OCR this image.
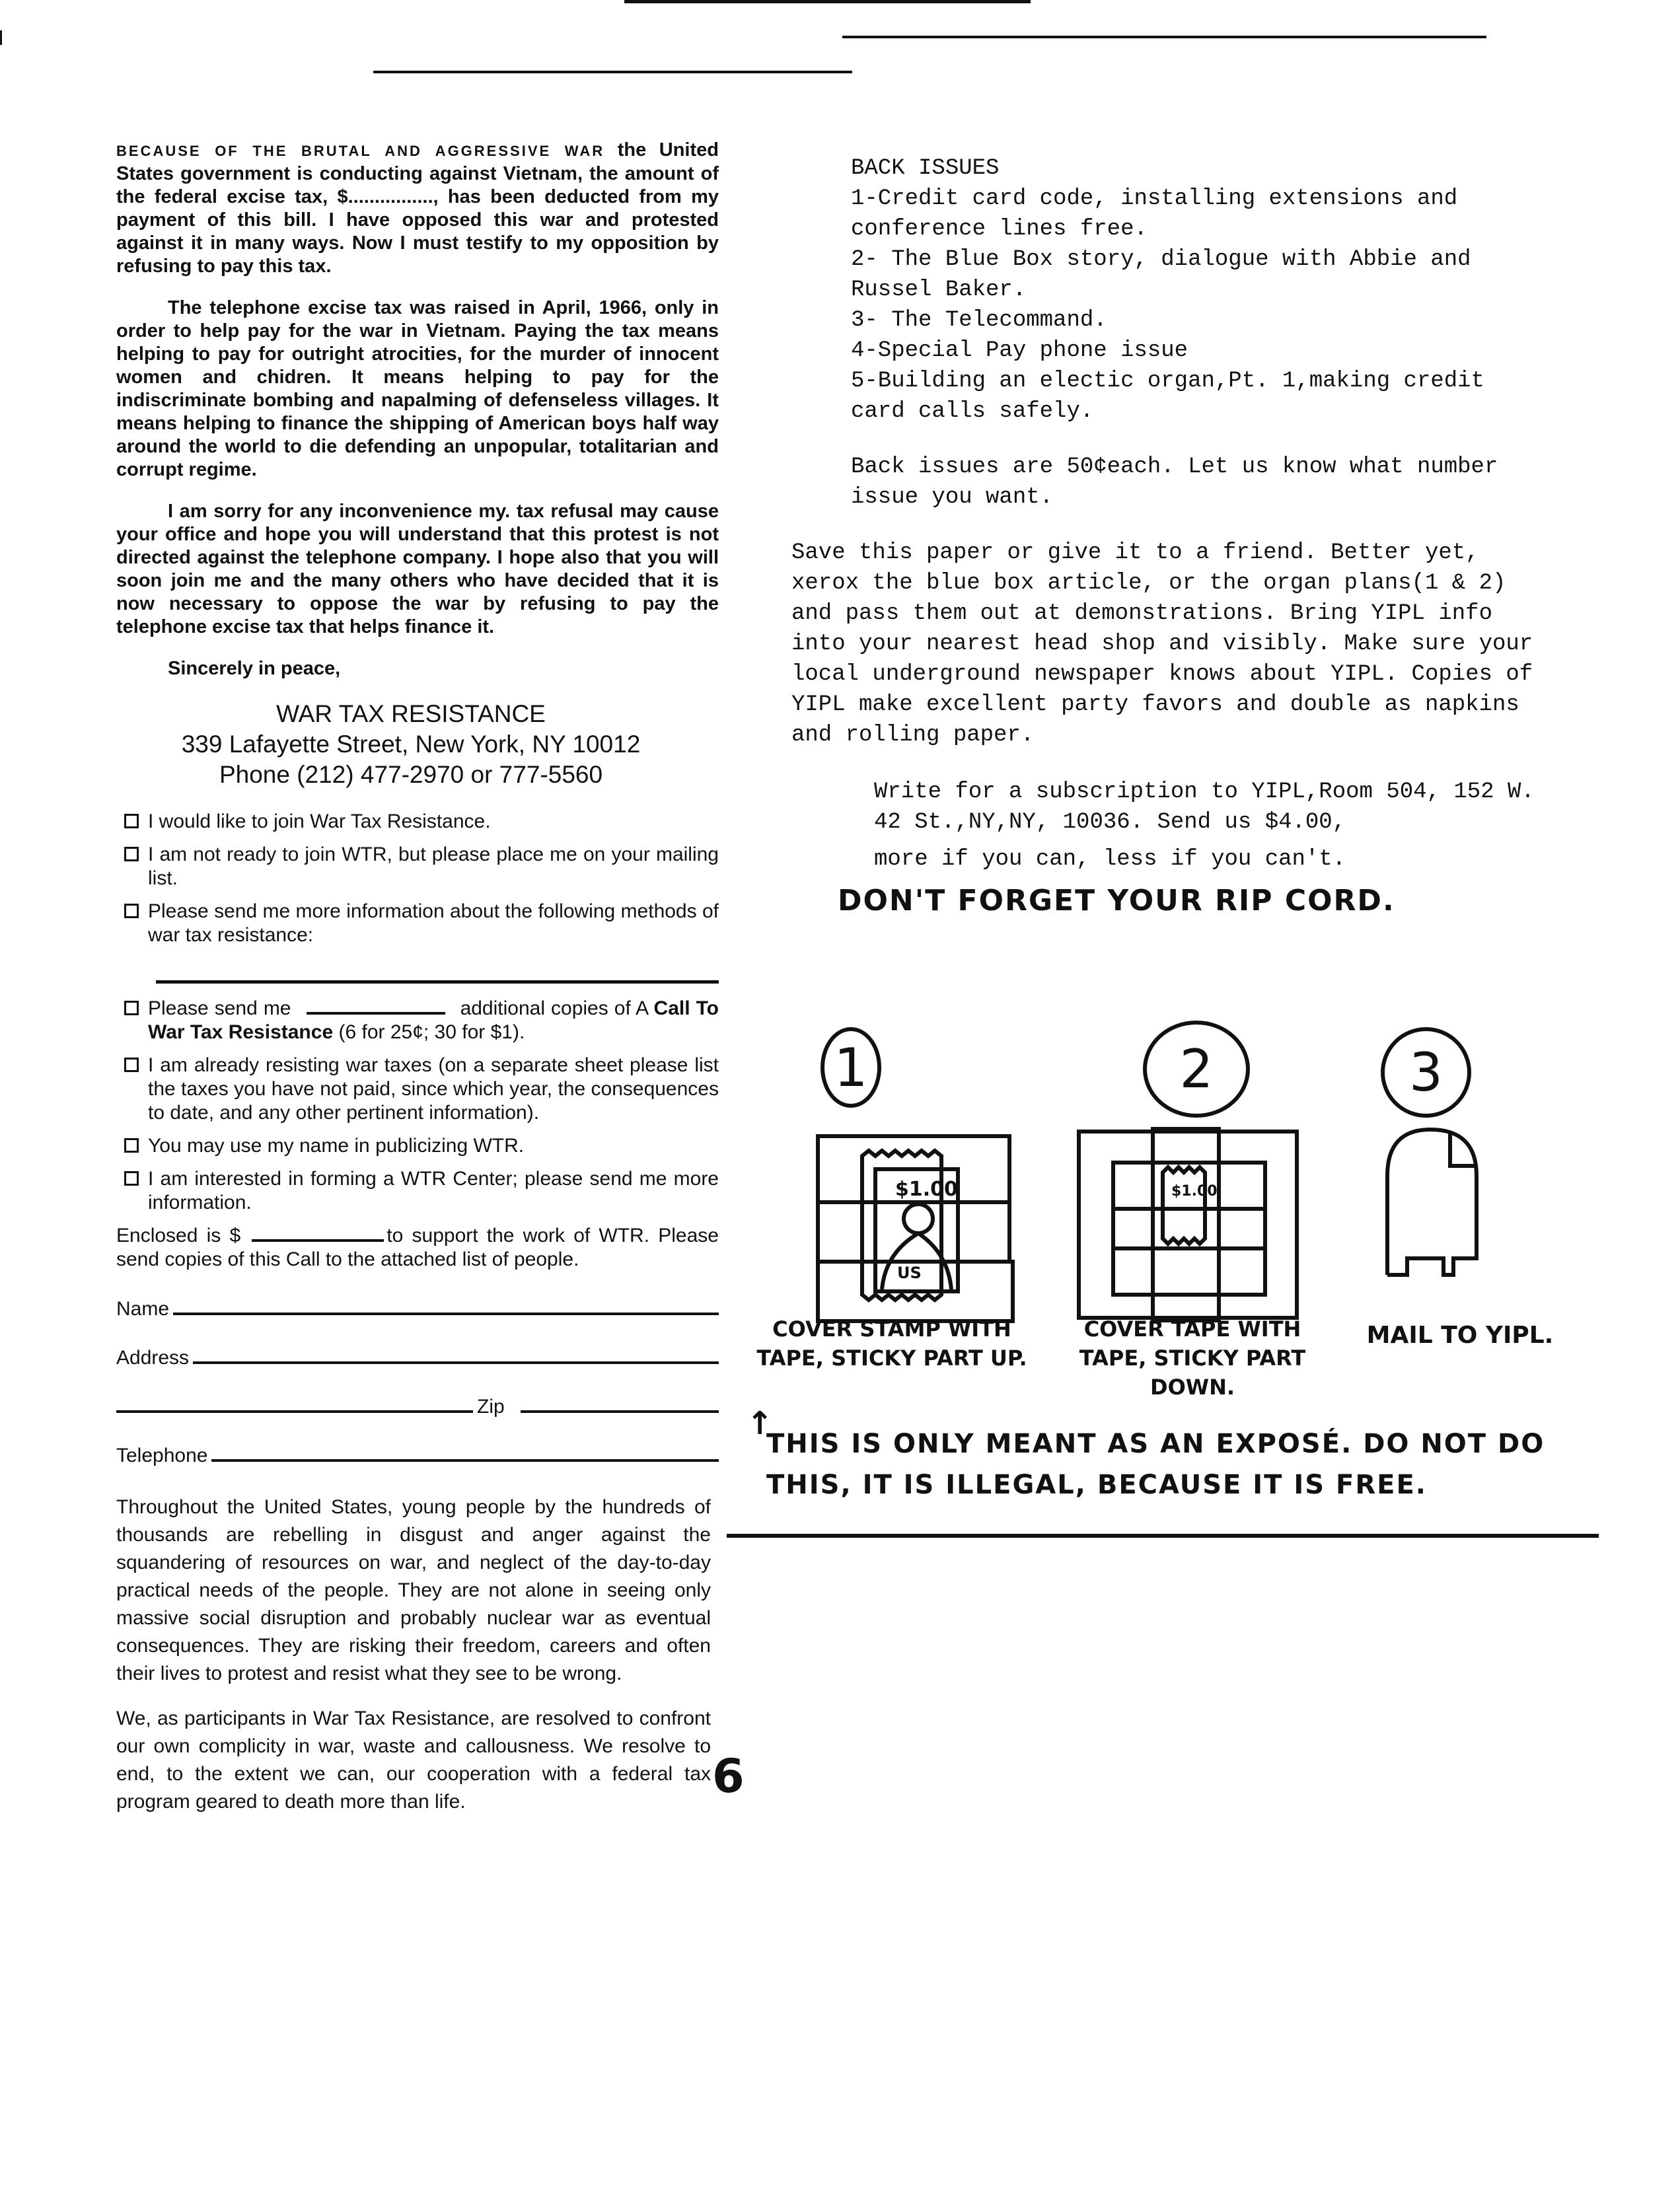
BECAUSE OF THE BRUTAL AND AGGRESSIVE WAR the United States government is conducting against Vietnam, the amount of the federal excise tax, $................, has been deducted from my payment of this bill. I have opposed this war and protested against it in many ways. Now I must testify to my opposition by refusing to pay this tax.

The telephone excise tax was raised in April, 1966, only in order to help pay for the war in Vietnam. Paying the tax means helping to pay for outright atrocities, for the murder of innocent women and chidren. It means helping to pay for the indiscriminate bombing and napalming of defenseless villages. It means helping to finance the shipping of American boys half way around the world to die defending an unpopular, totalitarian and corrupt regime.

I am sorry for any inconvenience my. tax refusal may cause your office and hope you will understand that this protest is not directed against the telephone company. I hope also that you will soon join me and the many others who have decided that it is now necessary to oppose the war by refusing to pay the telephone excise tax that helps finance it.

Sincerely in peace,

WAR TAX RESISTANCE

339 Lafayette Street, New York, NY 10012

Phone (212) 477-2970 or 777-5560

I would like to join War Tax Resistance.
I am not ready to join WTR, but please place me on your mailing list.
Please send me more information about the following methods of war tax resistance:
Please send me	additional copies of A Call To War Tax Resistance (6 for 25¢; 30 for $1).
I am already resisting war taxes (on a separate sheet please list the taxes you have not paid, since which year, the consequences to date, and any other pertinent information).
You may use my name in publicizing WTR.
I am interested in forming a WTR Center; please send me more information.

Enclosed is $	to support the work of WTR. Please send copies of this Call to the attached list of people.

Name
Address
Zip
Telephone

Throughout the United States, young people by the hundreds of thousands are rebelling in disgust and anger against the squandering of resources on war, and neglect of the day-to-day practical needs of the people. They are not alone in seeing only massive social disruption and probably nuclear war as eventual consequences. They are risking their freedom, careers and often their lives to protest and resist what they see to be wrong.

We, as participants in War Tax Resistance, are resolved to confront our own complicity in war, waste and callousness. We resolve to end, to the extent we can, our cooperation with a federal tax program geared to death more than life.	6

BACK ISSUES

1-Credit card code, installing extensions and conference lines free.

2- The Blue Box story, dialogue with Abbie and Russel Baker.

3- The Telecommand.

4-Special Pay phone issue

5-Building an electic organ,Pt. 1,making credit card calls safely.

Back issues are 50¢each. Let us know what number issue you want.

Save this paper or give it to a friend. Better yet, xerox the blue box article, or the organ plans(1 & 2) and pass them out at demonstrations. Bring YIPL info into your nearest head shop and visibly. Make sure your local underground newspaper knows about YIPL. Copies of YIPL make excellent party favors and double as napkins and rolling paper.

Write for a subscription to YIPL,Room 504, 152 W. 42 St.,NY,NY, 10036. Send us $4.00,

more if you can, less if you can't.

DON'T FORGET YOUR RIP CORD.

1
$1.00
US
COVER STAMP WITH TAPE, STICKY PART UP.
2
$1.00
COVER TAPE WITH TAPE, STICKY PART DOWN.
3
MAIL TO YIPL.
↑

THIS IS ONLY MEANT AS AN EXPOSÉ. DO NOT DO THIS, IT IS ILLEGAL, BECAUSE IT IS FREE.
